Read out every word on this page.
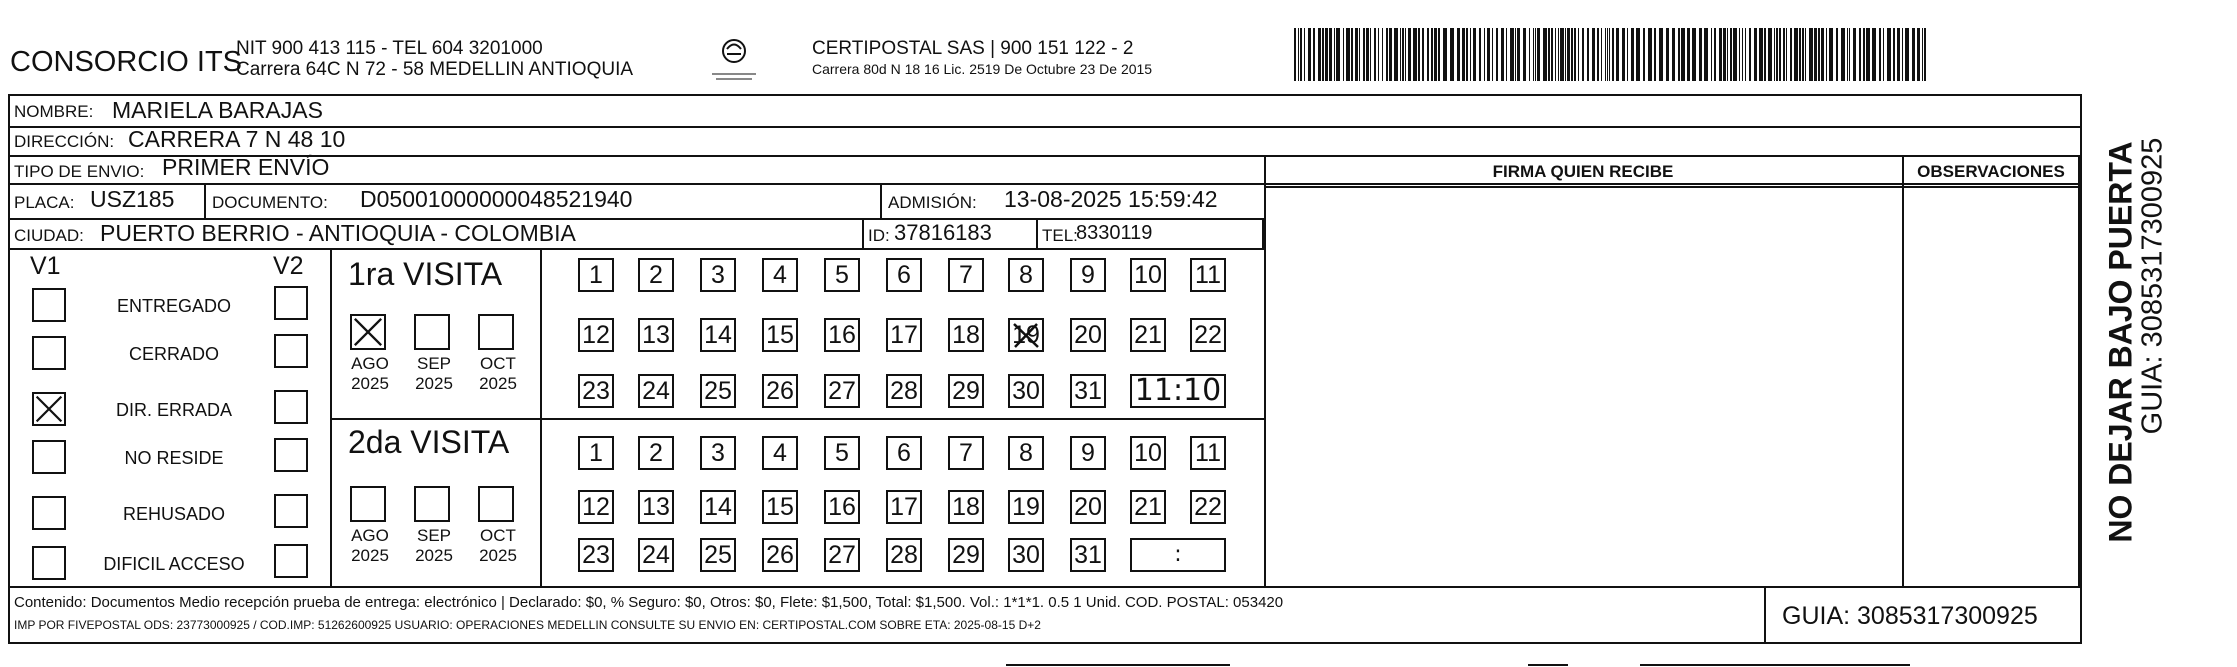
CONSORCIO ITS
NIT 900 413 115 - TEL 604 3201000
Carrera 64C N 72 - 58 MEDELLIN ANTIOQUIA
CERTIPOSTAL SAS | 900 151 122 - 2
Carrera 80d N 18 16 Lic. 2519 De Octubre 23 De 2015
NOMBRE: MARIELA BARAJAS
DIRECCIÓN: CARRERA 7 N 48 10
TIPO DE ENVIO: PRIMER ENVÍO	FIRMA QUIEN RECIBE	OBSERVACIONES
PLACA: USZ185 DOCUMENTO: D05001000000048521940	ADMISIÓN: 13-08-2025 15:59:42
CIUDAD: PUERTO BERRIO - ANTIOQUIA - COLOMBIA	ID: 37816183	TEL:
8330119
V1	V2
ENTREGADO
CERRADO
DIR. ERRADA
NO RESIDE
REHUSADO
DIFICIL ACCESO
1ra VISITA
2da VISITA
AGO
2025
SEP
2025
OCT
2025
AGO
2025
SEP
2025
OCT
2025
1	2	3	4	5	6	7	8	9	10 11
12 13 14 15 16 17 18 19 20 21 22
23 24 25 26 27 28 29 30 31 11:10
1	2	3	4	5	6	7	8	9	10 11
12 13 14 15 16 17 18 19 20 21 22
23 24 25 26 27 28 29 30 31	:
Contenido: Documentos Medio recepción prueba de entrega: electrónico | Declarado: $0, % Seguro: $0, Otros: $0, Flete: $1,500, Total: $1,500. Vol.: 1*1*1. 0.5 1 Unid. COD. POSTAL: 053420
IMP POR FIVEPOSTAL ODS: 23773000925 / COD.IMP: 51262600925 USUARIO: OPERACIONES MEDELLIN CONSULTE SU ENVIO EN: CERTIPOSTAL.COM SOBRE ETA: 2025-08-15 D+2	GUIA: 3085317300925
NO DEJAR BAJO PUERTA
GUIA: 3085317300925
